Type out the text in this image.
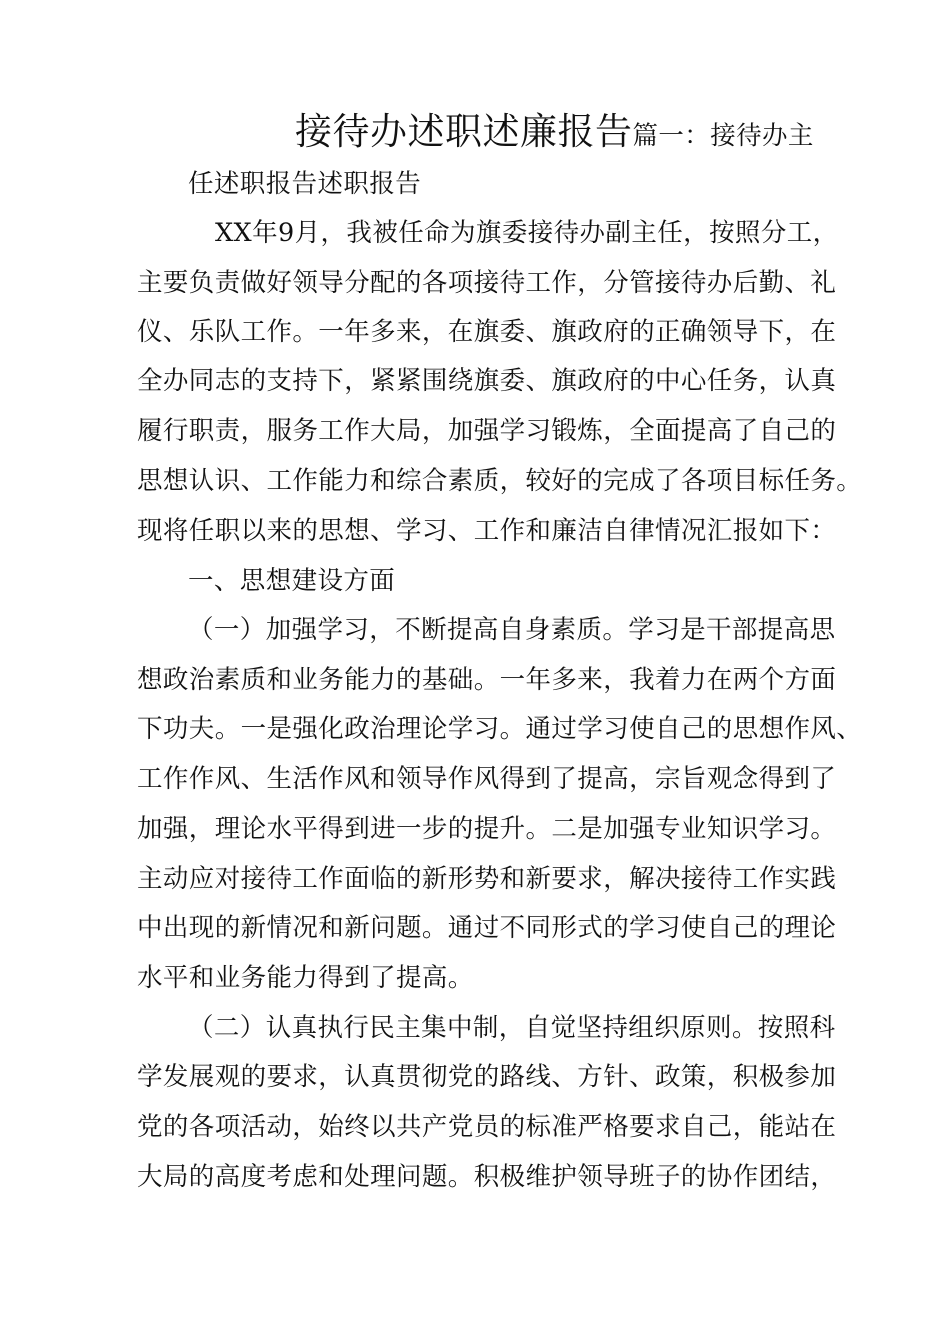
接待办述职述廉报告篇一：接待办主
任述职报告述职报告
XX年9月，我被任命为旗委接待办副主任，按照分工，
主要负责做好领导分配的各项接待工作，分管接待办后勤、礼
仪、乐队工作。一年多来，在旗委、旗政府的正确领导下，在
全办同志的支持下，紧紧围绕旗委、旗政府的中心任务，认真
履行职责，服务工作大局，加强学习锻炼，全面提高了自己的
思想认识、工作能力和综合素质，较好的完成了各项目标任务。
现将任职以来的思想、学习、工作和廉洁自律情况汇报如下：
一、思想建设方面
（一）加强学习，不断提高自身素质。学习是干部提高思
想政治素质和业务能力的基础。一年多来，我着力在两个方面
下功夫。一是强化政治理论学习。通过学习使自己的思想作风、
工作作风、生活作风和领导作风得到了提高，宗旨观念得到了
加强，理论水平得到进一步的提升。二是加强专业知识学习。
主动应对接待工作面临的新形势和新要求，解决接待工作实践
中出现的新情况和新问题。通过不同形式的学习使自己的理论
水平和业务能力得到了提高。
（二）认真执行民主集中制，自觉坚持组织原则。按照科
学发展观的要求，认真贯彻党的路线、方针、政策，积极参加
党的各项活动，始终以共产党员的标准严格要求自己，能站在
大局的高度考虑和处理问题。积极维护领导班子的协作团结，
